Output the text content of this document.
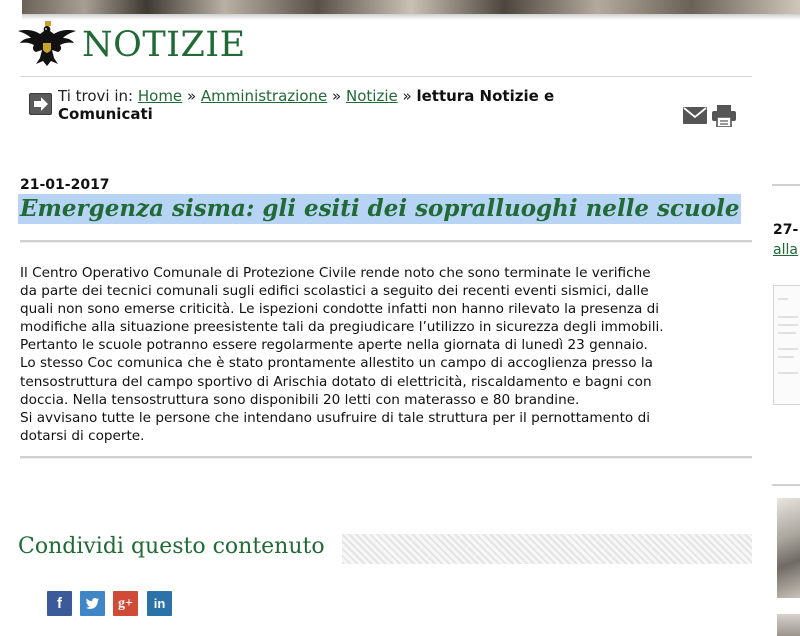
NOTIZIE
Ti trovi in: Home » Amministrazione » Notizie » lettura Notizie e
Comunicati
21-01-2017
Emergenza sisma: gli esiti dei sopralluoghi nelle scuole

Il Centro Operativo Comunale di Protezione Civile rende noto che sono terminate le verifiche

da parte dei tecnici comunali sugli edifici scolastici a seguito dei recenti eventi sismici, dalle

quali non sono emerse criticità. Le ispezioni condotte infatti non hanno rilevato la presenza di

modifiche alla situazione preesistente tali da pregiudicare l’utilizzo in sicurezza degli immobili.

Pertanto le scuole potranno essere regolarmente aperte nella giornata di lunedì 23 gennaio.

Lo stesso Coc comunica che è stato prontamente allestito un campo di accoglienza presso la

tensostruttura del campo sportivo di Arischia dotato di elettricità, riscaldamento e bagni con

doccia. Nella tensostruttura sono disponibili 20 letti con materasso e 80 brandine.

Si avvisano tutte le persone che intendano usufruire di tale struttura per il pernottamento di

dotarsi di coperte.

Condividi questo contenuto
f	g+	in
27-
alla
